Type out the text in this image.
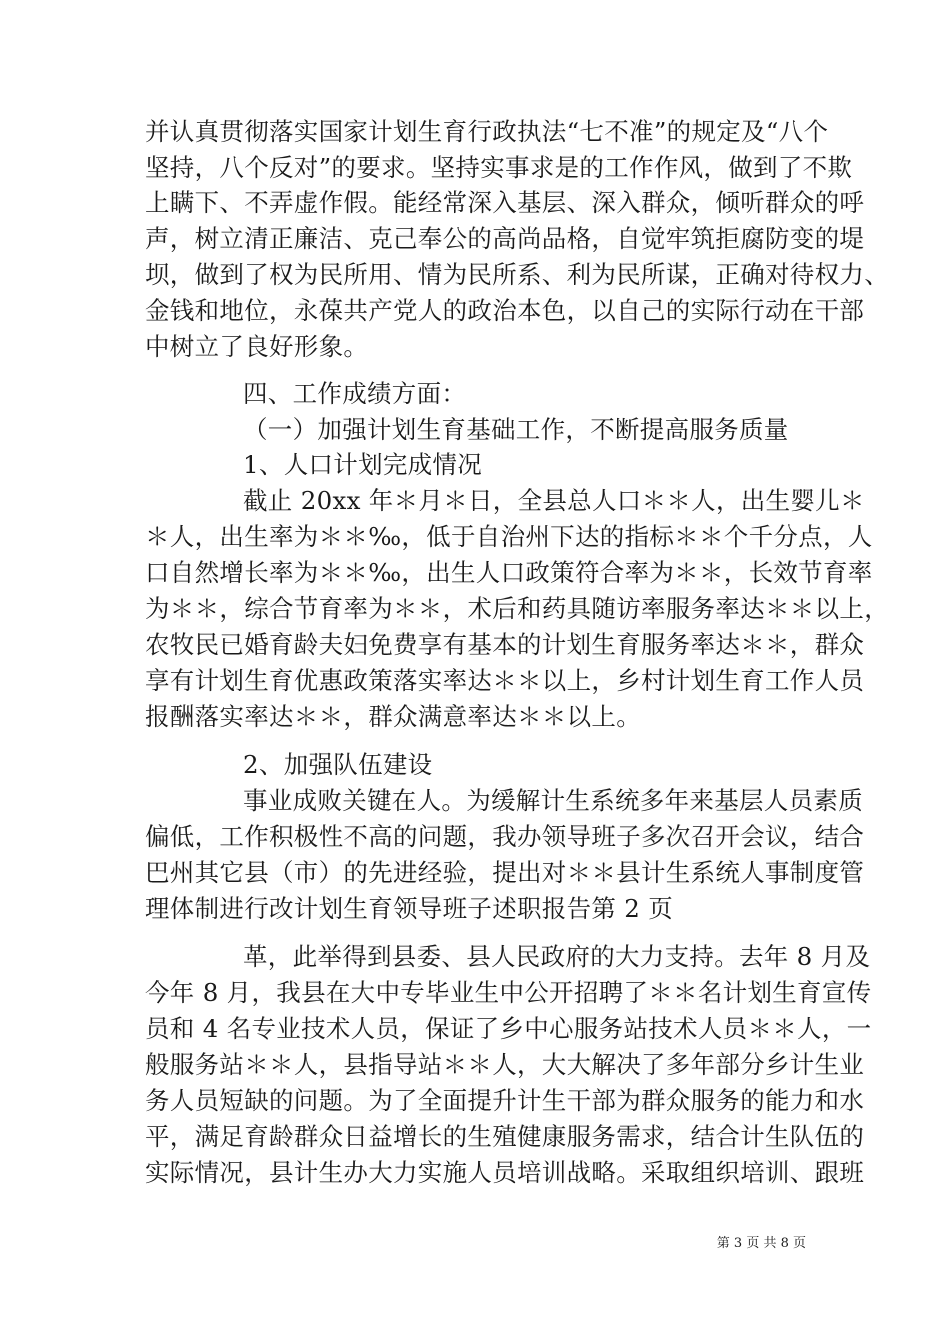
并认真贯彻落实国家计划生育行政执法“七不准”的规定及“八个
坚持，八个反对”的要求。坚持实事求是的工作作风，做到了不欺
上瞒下、不弄虚作假。能经常深入基层、深入群众，倾听群众的呼
声，树立清正廉洁、克己奉公的高尚品格，自觉牢筑拒腐防变的堤
坝，做到了权为民所用、情为民所系、利为民所谋，正确对待权力、
金钱和地位，永葆共产党人的政治本色，以自己的实际行动在干部
中树立了良好形象。
四、工作成绩方面：
（一）加强计划生育基础工作，不断提高服务质量
1、人口计划完成情况
截止 20xx 年＊月＊日，全县总人口＊＊人，出生婴儿＊
＊人，出生率为＊＊‰，低于自治州下达的指标＊＊个千分点，人
口自然增长率为＊＊‰，出生人口政策符合率为＊＊，长效节育率
为＊＊，综合节育率为＊＊，术后和药具随访率服务率达＊＊以上，
农牧民已婚育龄夫妇免费享有基本的计划生育服务率达＊＊，群众
享有计划生育优惠政策落实率达＊＊以上，乡村计划生育工作人员
报酬落实率达＊＊，群众满意率达＊＊以上。
2、加强队伍建设
事业成败关键在人。为缓解计生系统多年来基层人员素质
偏低，工作积极性不高的问题，我办领导班子多次召开会议，结合
巴州其它县（市）的先进经验，提出对＊＊县计生系统人事制度管
理体制进行改计划生育领导班子述职报告第 2 页
革，此举得到县委、县人民政府的大力支持。去年 8 月及
今年 8 月，我县在大中专毕业生中公开招聘了＊＊名计划生育宣传
员和 4 名专业技术人员，保证了乡中心服务站技术人员＊＊人，一
般服务站＊＊人，县指导站＊＊人，大大解决了多年部分乡计生业
务人员短缺的问题。为了全面提升计生干部为群众服务的能力和水
平，满足育龄群众日益增长的生殖健康服务需求，结合计生队伍的
实际情况，县计生办大力实施人员培训战略。采取组织培训、跟班
第 3 页 共 8 页
